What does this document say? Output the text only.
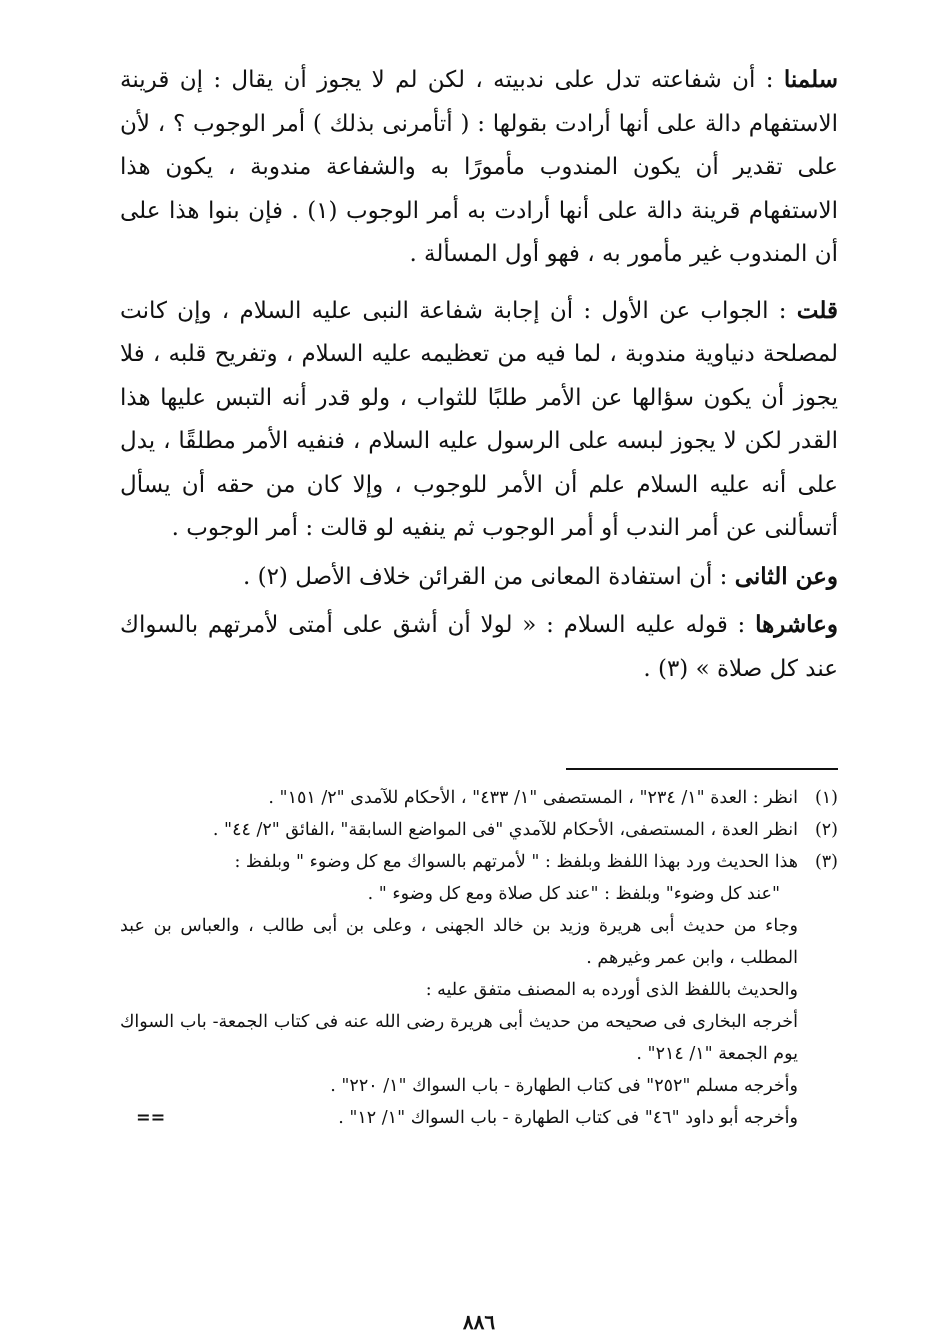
سلمنا : أن شفاعته تدل على ندبيته ، لكن لم لا يجوز أن يقال : إن قرينة الاستفهام دالة على أنها أرادت بقولها : ( أتأمرنى بذلك ) أمر الوجوب ؟ ، لأن على تقدير أن يكون المندوب مأمورًا به والشفاعة مندوبة ، يكون هذا الاستفهام قرينة دالة على أنها أرادت به أمر الوجوب (١) . فإن بنوا هذا على أن المندوب غير مأمور به ، فهو أول المسألة .

قلت : الجواب عن الأول : أن إجابة شفاعة النبى عليه السلام ، وإن كانت لمصلحة دنياوية مندوبة ، لما فيه من تعظيمه عليه السلام ، وتفريح قلبه ، فلا يجوز أن يكون سؤالها عن الأمر طلبًا للثواب ، ولو قدر أنه التبس عليها هذا القدر لكن لا يجوز لبسه على الرسول عليه السلام ، فنفيه الأمر مطلقًا ، يدل على أنه عليه السلام علم أن الأمر للوجوب ، وإلا كان من حقه أن يسأل أتسألنى عن أمر الندب أو أمر الوجوب ثم ينفيه لو قالت : أمر الوجوب .

وعن الثانى : أن استفادة المعانى من القرائن خلاف الأصل (٢) .

وعاشرها : قوله عليه السلام : « لولا أن أشق على أمتى لأمرتهم بالسواك عند كل صلاة » (٣) .

(١)
انظر : العدة "١/ ٢٣٤" ، المستصفى "١/ ٤٣٣" ، الأحكام للآمدى "٢/ ١٥١" .
(٢)
انظر العدة ، المستصفى، الأحكام للآمدي "فى المواضع السابقة" ،الفائق "٢/ ٤٤" .
(٣)
هذا الحديث ورد بهذا اللفظ وبلفظ : " لأمرتهم بالسواك مع كل وضوء " وبلفظ :
"عند كل وضوء" وبلفظ : "عند كل صلاة ومع كل وضوء " .
وجاء من حديث أبى هريرة وزيد بن خالد الجهنى ، وعلى بن أبى طالب ، والعباس بن عبد المطلب ، وابن عمر وغيرهم .
والحديث باللفظ الذى أورده به المصنف متفق عليه :
أخرجه البخارى فى صحيحه من حديث أبى هريرة رضى الله عنه فى كتاب الجمعة- باب السواك يوم الجمعة "١/ ٢١٤" .
وأخرجه مسلم "٢٥٢" فى كتاب الطهارة - باب السواك "١/ ٢٢٠" .
وأخرجه أبو داود "٤٦" فى كتاب الطهارة - باب السواك "١/ ١٢" .
==
٨٨٦
